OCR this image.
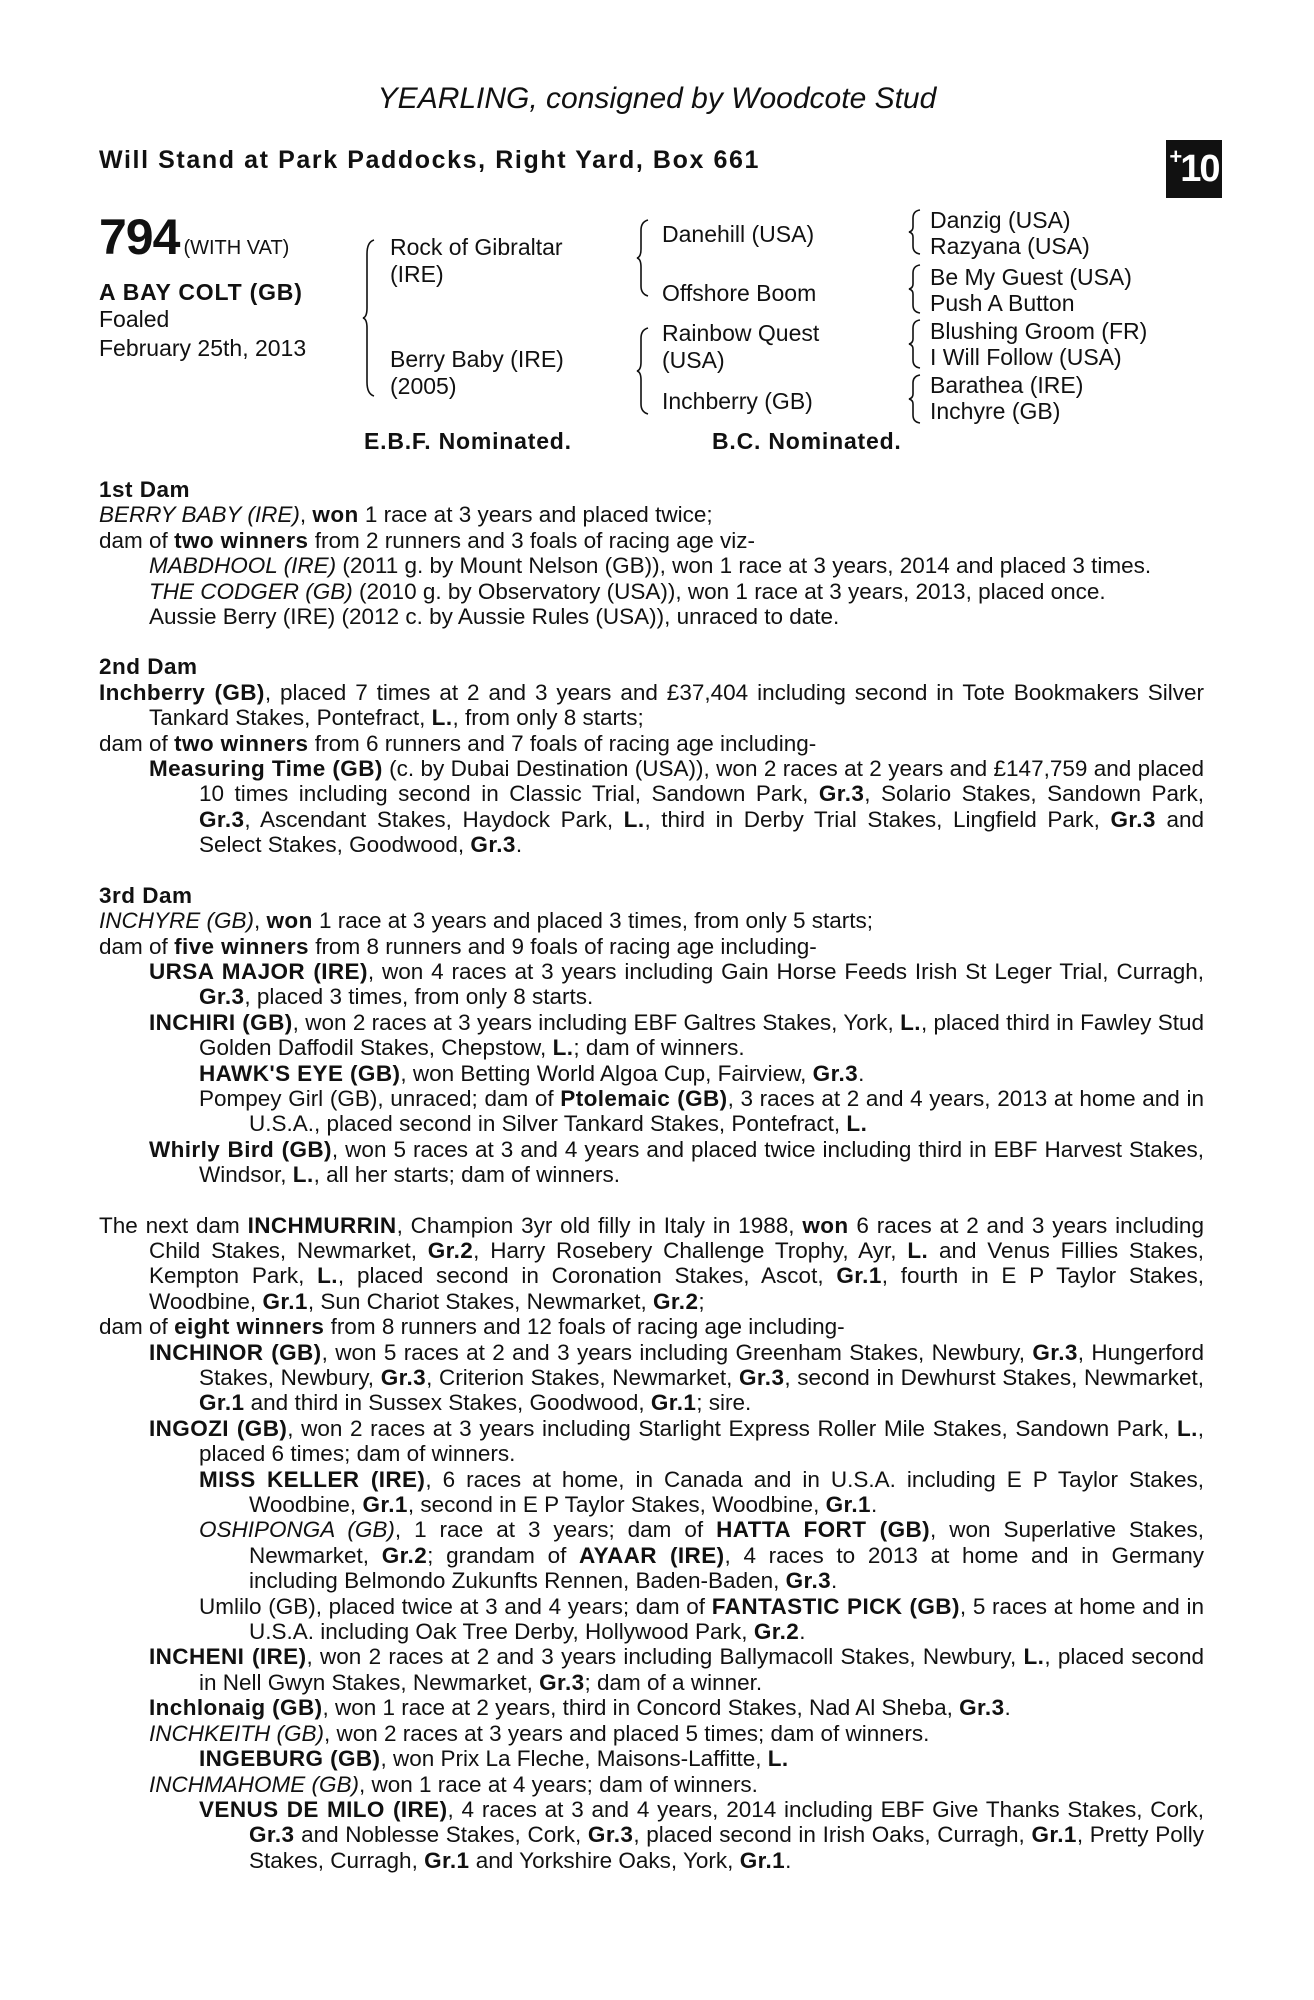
YEARLING, consigned by Woodcote Stud
Will Stand at Park Paddocks, Right Yard, Box 661	+ 10
794 (WITH VAT)
A BAY COLT (GB)
Foaled
February 25th, 2013
Rock of Gibraltar
(IRE)
Berry Baby (IRE)
(2005)
Danehill (USA)
Offshore Boom
Rainbow Quest
(USA)
Inchberry (GB)
Danzig (USA)
Razyana (USA)
Be My Guest (USA)
Push A Button
Blushing Groom (FR)
I Will Follow (USA)
Barathea (IRE)
Inchyre (GB)
E.B.F. Nominated.	B.C. Nominated.

1st Dam

BERRY BABY (IRE), won 1 race at 3 years and placed twice;

dam of two winners from 2 runners and 3 foals of racing age viz-

MABDHOOL (IRE) (2011 g. by Mount Nelson (GB)), won 1 race at 3 years, 2014 and placed 3 times.

THE CODGER (GB) (2010 g. by Observatory (USA)), won 1 race at 3 years, 2013, placed once.

Aussie Berry (IRE) (2012 c. by Aussie Rules (USA)), unraced to date.

2nd Dam

Inchberry (GB), placed 7 times at 2 and 3 years and £37,404 including second in Tote Bookmakers Silver Tankard Stakes, Pontefract, L., from only 8 starts;

dam of two winners from 6 runners and 7 foals of racing age including-

Measuring Time (GB) (c. by Dubai Destination (USA)), won 2 races at 2 years and £147,759 and placed 10 times including second in Classic Trial, Sandown Park, Gr.3, Solario Stakes, Sandown Park, Gr.3, Ascendant Stakes, Haydock Park, L., third in Derby Trial Stakes, Lingfield Park, Gr.3 and Select Stakes, Goodwood, Gr.3.

3rd Dam

INCHYRE (GB), won 1 race at 3 years and placed 3 times, from only 5 starts;

dam of five winners from 8 runners and 9 foals of racing age including-

URSA MAJOR (IRE), won 4 races at 3 years including Gain Horse Feeds Irish St Leger Trial, Curragh, Gr.3, placed 3 times, from only 8 starts.

INCHIRI (GB), won 2 races at 3 years including EBF Galtres Stakes, York, L., placed third in Fawley Stud Golden Daffodil Stakes, Chepstow, L.; dam of winners.

HAWK'S EYE (GB), won Betting World Algoa Cup, Fairview, Gr.3.

Pompey Girl (GB), unraced; dam of Ptolemaic (GB), 3 races at 2 and 4 years, 2013 at home and in U.S.A., placed second in Silver Tankard Stakes, Pontefract, L.

Whirly Bird (GB), won 5 races at 3 and 4 years and placed twice including third in EBF Harvest Stakes, Windsor, L., all her starts; dam of winners.

The next dam INCHMURRIN, Champion 3yr old filly in Italy in 1988, won 6 races at 2 and 3 years including Child Stakes, Newmarket, Gr.2, Harry Rosebery Challenge Trophy, Ayr, L. and Venus Fillies Stakes, Kempton Park, L., placed second in Coronation Stakes, Ascot, Gr.1, fourth in E P Taylor Stakes, Woodbine, Gr.1, Sun Chariot Stakes, Newmarket, Gr.2;

dam of eight winners from 8 runners and 12 foals of racing age including-

INCHINOR (GB), won 5 races at 2 and 3 years including Greenham Stakes, Newbury, Gr.3, Hungerford Stakes, Newbury, Gr.3, Criterion Stakes, Newmarket, Gr.3, second in Dewhurst Stakes, Newmarket, Gr.1 and third in Sussex Stakes, Goodwood, Gr.1; sire.

INGOZI (GB), won 2 races at 3 years including Starlight Express Roller Mile Stakes, Sandown Park, L., placed 6 times; dam of winners.

MISS KELLER (IRE), 6 races at home, in Canada and in U.S.A. including E P Taylor Stakes, Woodbine, Gr.1, second in E P Taylor Stakes, Woodbine, Gr.1.

OSHIPONGA (GB), 1 race at 3 years; dam of HATTA FORT (GB), won Superlative Stakes, Newmarket, Gr.2; grandam of AYAAR (IRE), 4 races to 2013 at home and in Germany including Belmondo Zukunfts Rennen, Baden-Baden, Gr.3.

Umlilo (GB), placed twice at 3 and 4 years; dam of FANTASTIC PICK (GB), 5 races at home and in U.S.A. including Oak Tree Derby, Hollywood Park, Gr.2.

INCHENI (IRE), won 2 races at 2 and 3 years including Ballymacoll Stakes, Newbury, L., placed second in Nell Gwyn Stakes, Newmarket, Gr.3; dam of a winner.

Inchlonaig (GB), won 1 race at 2 years, third in Concord Stakes, Nad Al Sheba, Gr.3.

INCHKEITH (GB), won 2 races at 3 years and placed 5 times; dam of winners.

INGEBURG (GB), won Prix La Fleche, Maisons-Laffitte, L.

INCHMAHOME (GB), won 1 race at 4 years; dam of winners.

VENUS DE MILO (IRE), 4 races at 3 and 4 years, 2014 including EBF Give Thanks Stakes, Cork, Gr.3 and Noblesse Stakes, Cork, Gr.3, placed second in Irish Oaks, Curragh, Gr.1, Pretty Polly Stakes, Curragh, Gr.1 and Yorkshire Oaks, York, Gr.1.
